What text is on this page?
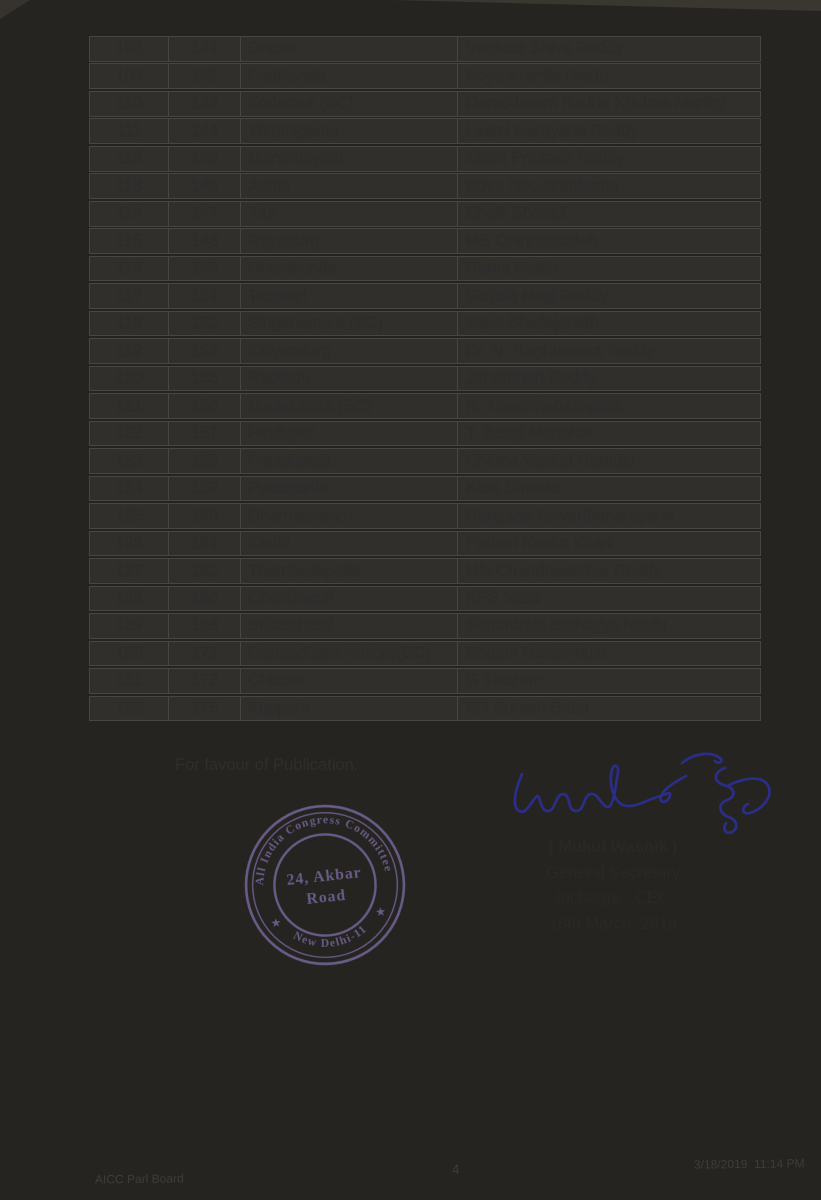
108	141	Dhone	Venkata Shiva Reddy
109	142	Pattikonda	Boya Kranthi Naidu
110	143	Kodumur (SC)	Damodaram Radha Krishna Murthy
111	144	Yemmiganur	Laxmi Narayana Reddy
112	145	Mantralayam	Shiva Prakash Reddy
113	146	Adoni	Boya Neelakantappa
114	147	Alur	Shaik Shavali
115	148	Rayadurg	MB Chinnappaiah
116	149	Uravakonda	Rama Naidu
117	151	Tadpatri	Gujjala Nagi Reddy
118	152	Singanamala (SC)	Sake Shailajanath
119	154	Kalyandurg	Dr. N. Raghuveera Reddy
120	155	Raptadu	Janardhan Reddy
121	156	Madakasira (SC)	K. Aswarthanarayana
122	157	Hindupur	T. Balaji Manohar
123	158	Penukonda	Chinna Venkat Ramulu
124	159	Puttaparthi	Kota Shweta
125	160	Dharmavaram	Rangana Aswarthanarayana
126	161	Kadiri	Pathan Kasim Khan
127	162	Thamballapalle	MN Chandrasekhar Reddy
128	166	Chandragiri	KPS Vasu
129	168	Srikalahasti	Samudrala Bathayya Naidu
130	171	Gangadhara Nellore(SC)	Sodem Narsimhulu
131	172	Chittoor	G Tikaram
132	175	Kuppam	BR Suresh Babu
For favour of Publication.
All India Congress Committee
New Delhi-11
★
★
24, Akbar
Road
( Mukul Wasnik )
General Secretary
Incharge - CEC
18th March, 2019
AICC Parl Board
4	3/18/2019  11:14 PM
